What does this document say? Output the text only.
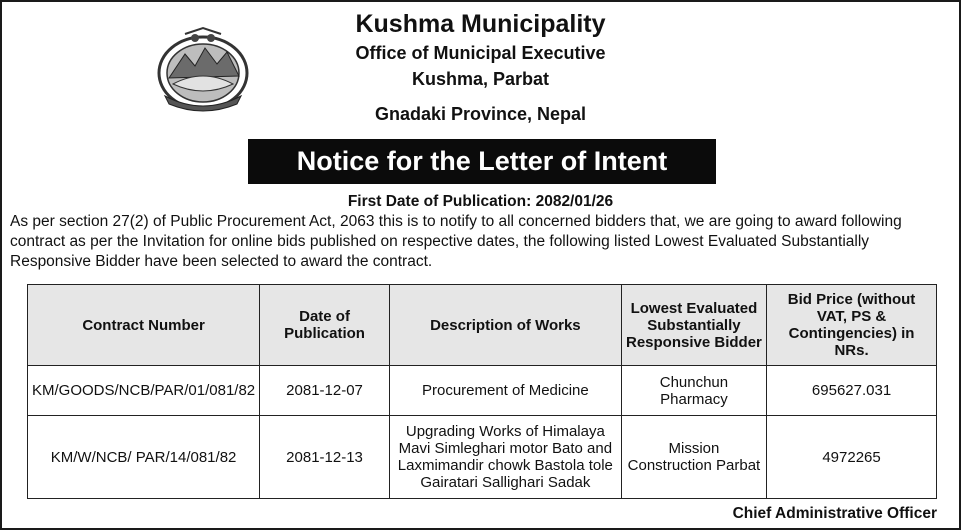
Kushma Municipality
Office of Municipal Executive
Kushma, Parbat
Gnadaki Province, Nepal
Notice for the Letter of Intent
First Date of Publication: 2082/01/26
As per section 27(2) of Public Procurement Act, 2063 this is to notify to all concerned bidders that, we are going to award following contract as per the Invitation for online bids published on respective dates, the following listed Lowest Evaluated Substantially Responsive Bidder have been selected to award the contract.
Contract Number	Date of Publication	Description of Works	Lowest Evaluated Substantially Responsive Bidder	Bid Price (without VAT, PS & Contingencies) in NRs.
KM/GOODS/NCB/PAR/01/081/82	2081-12-07	Procurement of Medicine	Chunchun Pharmacy	695627.031
KM/W/NCB/ PAR/14/081/82	2081-12-13	Upgrading Works of Himalaya Mavi Simleghari motor Bato and Laxmimandir chowk Bastola tole Gairatari Sallighari Sadak	Mission Construction Parbat	4972265
Chief Administrative Officer
